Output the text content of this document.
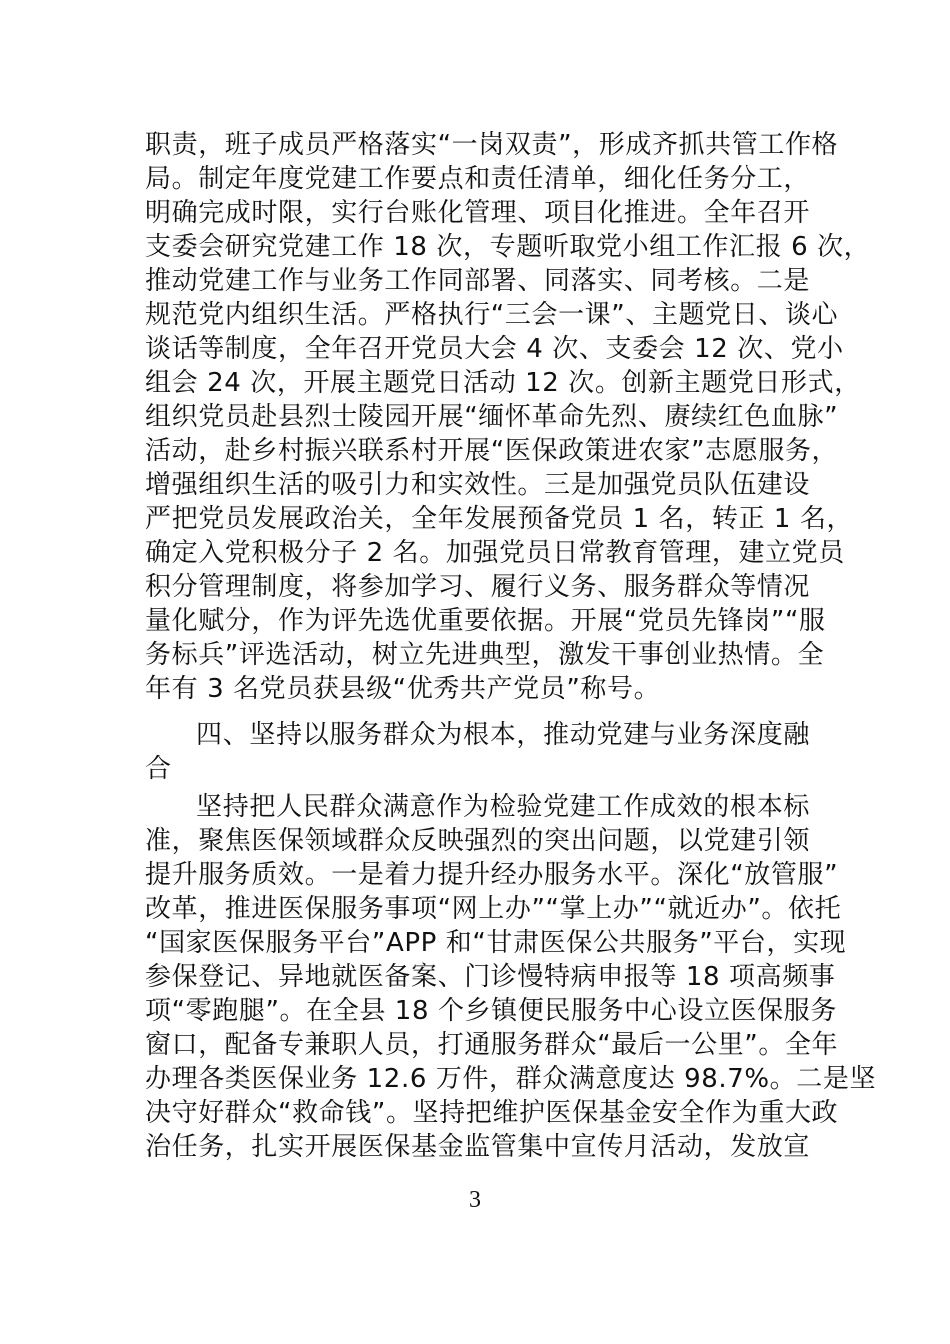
职责，班子成员严格落实“一岗双责”，形成齐抓共管工作格
局。制定年度党建工作要点和责任清单，细化任务分工，
明确完成时限，实行台账化管理、项目化推进。全年召开
支委会研究党建工作 18 次，专题听取党小组工作汇报 6 次，
推动党建工作与业务工作同部署、同落实、同考核。二是
规范党内组织生活。严格执行“三会一课”、主题党日、谈心
谈话等制度，全年召开党员大会 4 次、支委会 12 次、党小
组会 24 次，开展主题党日活动 12 次。创新主题党日形式，
组织党员赴县烈士陵园开展“缅怀革命先烈、赓续红色血脉”
活动，赴乡村振兴联系村开展“医保政策进农家”志愿服务，
增强组织生活的吸引力和实效性。三是加强党员队伍建设
严把党员发展政治关，全年发展预备党员 1 名，转正 1 名，
确定入党积极分子 2 名。加强党员日常教育管理，建立党员
积分管理制度，将参加学习、履行义务、服务群众等情况
量化赋分，作为评先选优重要依据。开展“党员先锋岗”“服
务标兵”评选活动，树立先进典型，激发干事创业热情。全
年有 3 名党员获县级“优秀共产党员”称号。
四、坚持以服务群众为根本，推动党建与业务深度融
合
坚持把人民群众满意作为检验党建工作成效的根本标
准，聚焦医保领域群众反映强烈的突出问题，以党建引领
提升服务质效。一是着力提升经办服务水平。深化“放管服”
改革，推进医保服务事项“网上办”“掌上办”“就近办”。依托
“国家医保服务平台”APP 和“甘肃医保公共服务”平台，实现
参保登记、异地就医备案、门诊慢特病申报等 18 项高频事
项“零跑腿”。在全县 18 个乡镇便民服务中心设立医保服务
窗口，配备专兼职人员，打通服务群众“最后一公里”。全年
办理各类医保业务 12.6 万件，群众满意度达 98.7%。二是坚
决守好群众“救命钱”。坚持把维护医保基金安全作为重大政
治任务，扎实开展医保基金监管集中宣传月活动，发放宣
3
